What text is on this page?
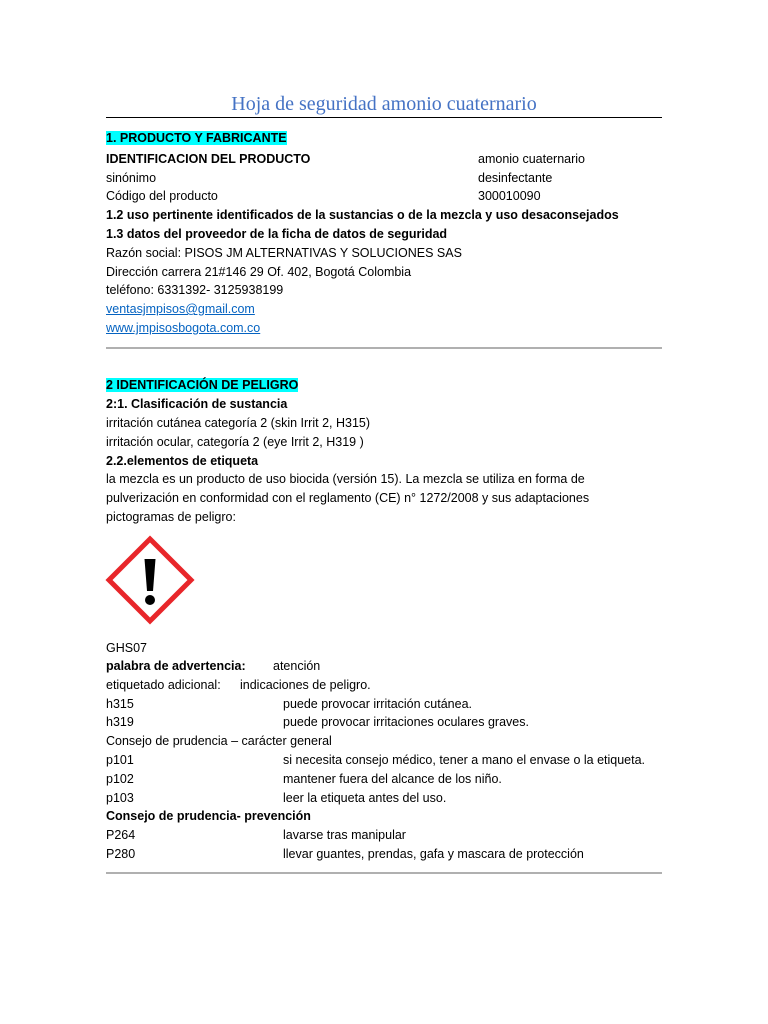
Hoja de seguridad amonio cuaternario
1. PRODUCTO Y FABRICANTE
IDENTIFICACION DEL PRODUCTO	amonio cuaternario
sinónimo	desinfectante
Código del producto	300010090
1.2 uso pertinente identificados de la sustancias o de la mezcla y uso desaconsejados
1.3 datos del proveedor de la ficha de datos de seguridad
Razón social: PISOS JM ALTERNATIVAS Y SOLUCIONES SAS
Dirección carrera 21#146 29 Of. 402, Bogotá Colombia
teléfono: 6331392- 3125938199
ventasjmpisos@gmail.com
www.jmpisosbogota.com.co
2 IDENTIFICACIÓN DE PELIGRO
2:1. Clasificación de sustancia
irritación cutánea categoría 2 (skin Irrit 2, H315)
irritación ocular, categoría 2 (eye Irrit 2, H319 )
2.2.elementos de etiqueta
la mezcla es un producto de uso biocida (versión 15). La mezcla se utiliza en forma de
pulverización en conformidad con el reglamento (CE) n° 1272/2008 y sus adaptaciones
pictogramas de peligro:
GHS07
palabra de advertencia: atención
etiquetado adicional: indicaciones de peligro.
h315	puede provocar irritación cutánea.
h319	puede provocar irritaciones oculares graves.
Consejo de prudencia – carácter general
p101	si necesita consejo médico, tener a mano el envase o la etiqueta.
p102	mantener fuera del alcance de los niño.
p103	leer la etiqueta antes del uso.
Consejo de prudencia- prevención
P264	lavarse tras manipular
P280	llevar guantes, prendas, gafa y mascara de protección
